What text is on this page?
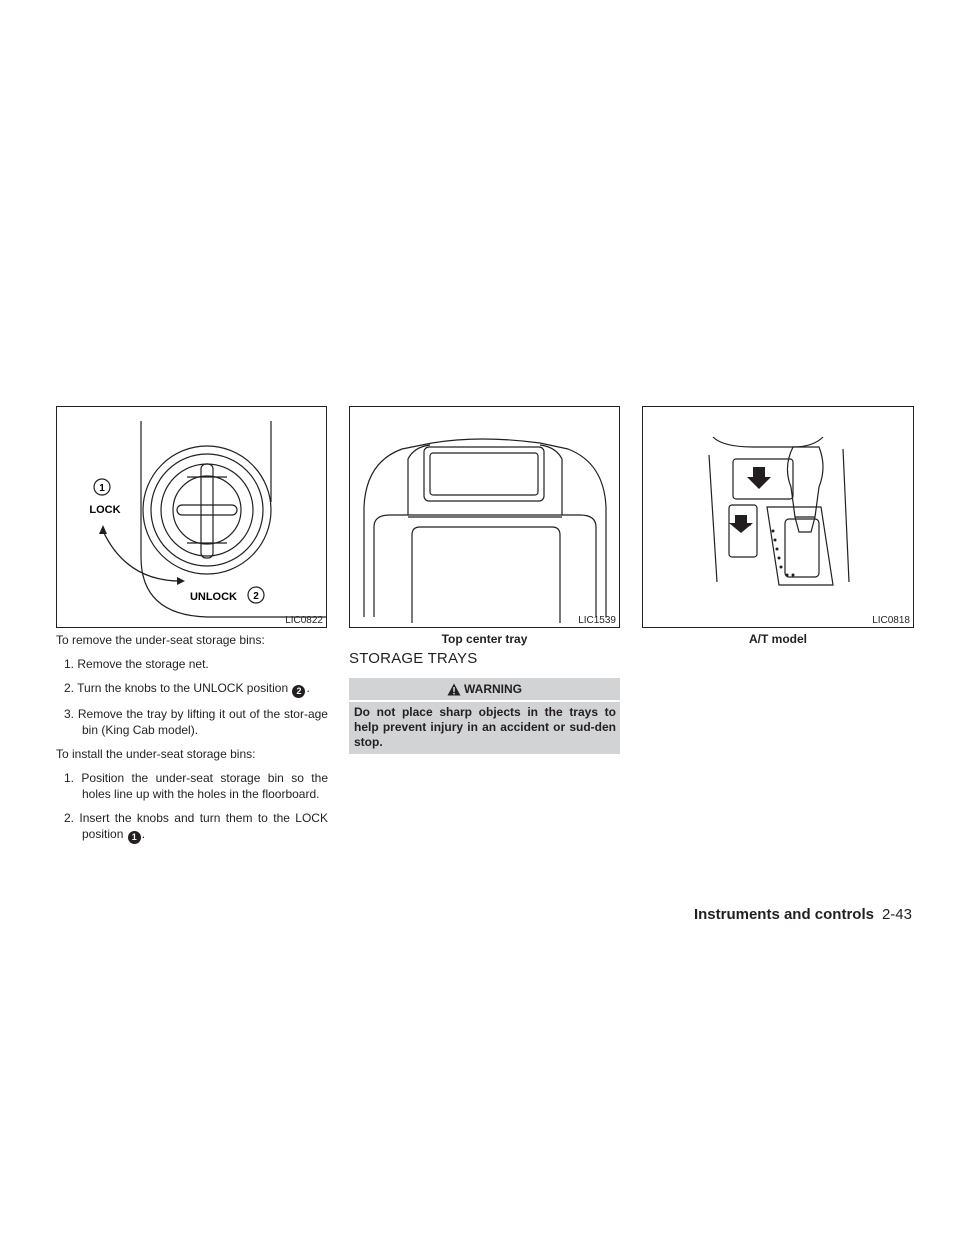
1
LOCK
UNLOCK 2
LIC0822	LIC1539	LIC0818
Top center tray	A/T model

To remove the under-seat storage bins:

1. Remove the storage net.
2. Turn the knobs to the UNLOCK position 2 .
3. Remove the tray by lifting it out of the stor-age bin (King Cab model).

To install the under-seat storage bins:

1. Position the under-seat storage bin so the holes line up with the holes in the floorboard.
2. Insert the knobs and turn them to the LOCK position 1 .
STORAGE TRAYS
WARNING
Do not place sharp objects in the trays to help prevent injury in an accident or sud-den stop.
Instruments and controls 2-43
